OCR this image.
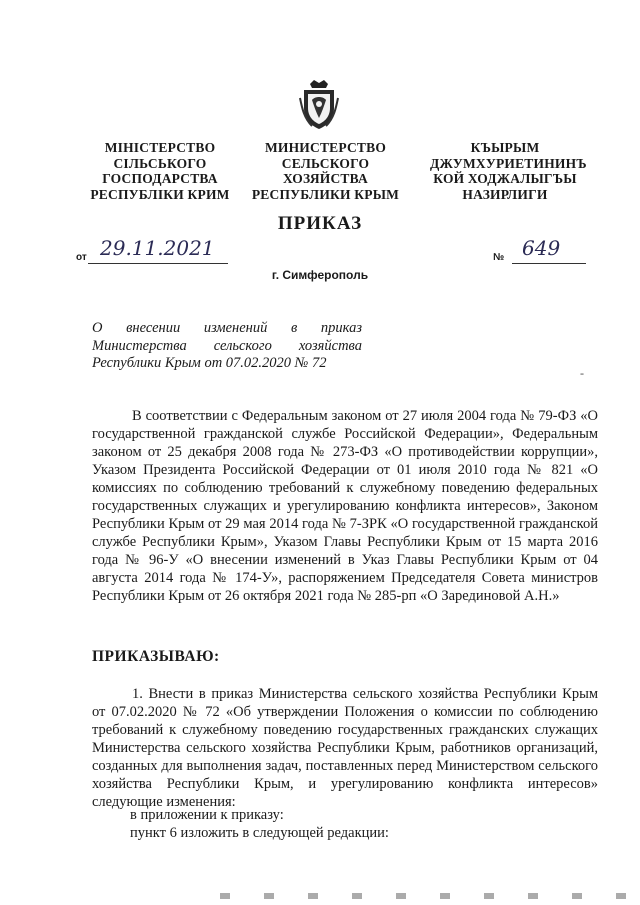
МІНІСТЕРСТВО
СІЛЬСЬКОГО
ГОСПОДАРСТВА
РЕСПУБЛІКИ КРИМ
МИНИСТЕРСТВО
СЕЛЬСКОГО ХОЗЯЙСТВА
РЕСПУБЛИКИ КРЫМ
КЪЫРЫМ
ДЖУМХУРИЕТИНИНЪ
КОЙ ХОДЖАЛЫГЪЫ
НАЗИРЛИГИ
ПРИКАЗ
от 29.11.2021	№ 649
г. Симферополь
О внесении изменений в приказ
Министерства сельского хозяйства
Республики Крым от 07.02.2020 № 72
-
В соответствии с Федеральным законом от 27 июля 2004 года № 79-ФЗ «О государственной гражданской службе Российской Федерации», Федеральным законом от 25 декабря 2008 года № 273-ФЗ «О противодействии коррупции», Указом Президента Российской Федерации от 01 июля 2010 года № 821 «О комиссиях по соблюдению требований к служебному поведению федеральных государственных служащих и урегулированию конфликта интересов», Законом Республики Крым от 29 мая 2014 года № 7-ЗРК «О государственной гражданской службе Республики Крым», Указом Главы Республики Крым от 15 марта 2016 года № 96-У «О внесении изменений в Указ Главы Республики Крым от 04 августа 2014 года № 174-У», распоряжением Председателя Совета министров Республики Крым от 26 октября 2021 года № 285-рп «О Зарединовой А.Н.»
ПРИКАЗЫВАЮ:
1. Внести в приказ Министерства сельского хозяйства Республики Крым от 07.02.2020 № 72 «Об утверждении Положения о комиссии по соблюдению требований к служебному поведению государственных гражданских служащих Министерства сельского хозяйства Республики Крым, работников организаций, созданных для выполнения задач, поставленных перед Министерством сельского хозяйства Республики Крым, и урегулированию конфликта интересов» следующие изменения:
в приложении к приказу:
пункт 6 изложить в следующей редакции:
